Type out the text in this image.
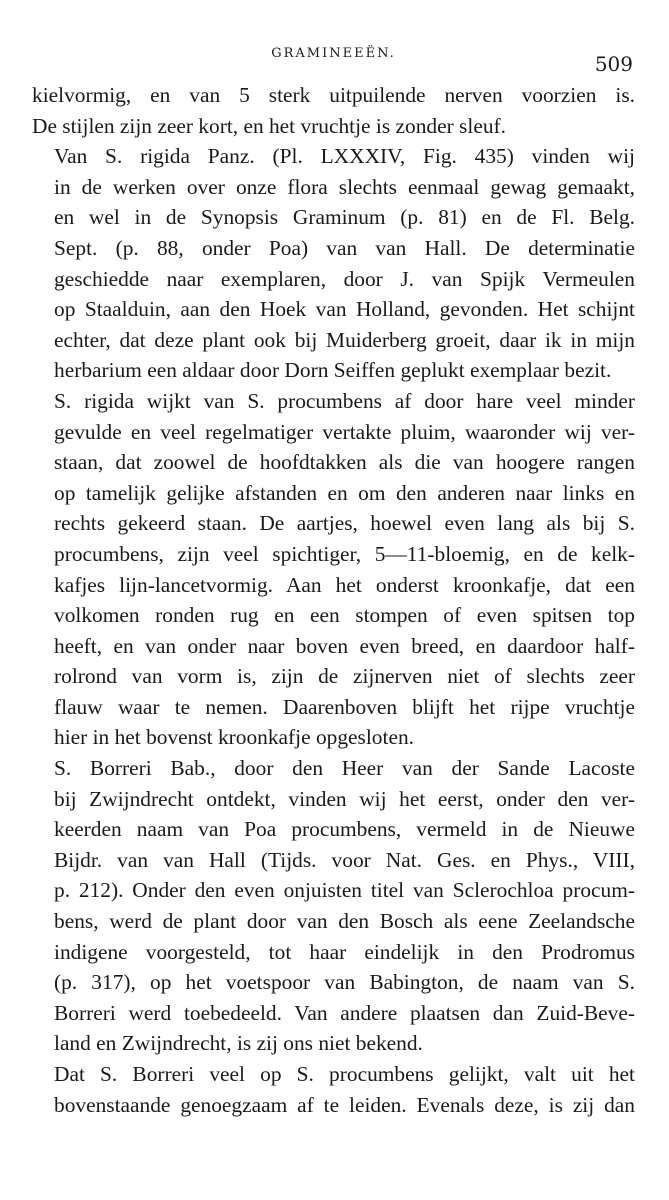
GRAMINEEËN.	509

kielvormig, en van 5 sterk uitpuilende nerven voorzien is.
De stijlen zijn zeer kort, en het vruchtje is zonder sleuf.

Van S. rigida Panz. (Pl. LXXXIV, Fig. 435) vinden wij
in de werken over onze flora slechts eenmaal gewag gemaakt,
en wel in de Synopsis Graminum (p. 81) en de Fl. Belg.
Sept. (p. 88, onder Poa) van van Hall. De determinatie
geschiedde naar exemplaren, door J. van Spijk Vermeulen
op Staalduin, aan den Hoek van Holland, gevonden. Het schijnt
echter, dat deze plant ook bij Muiderberg groeit, daar ik in mijn
herbarium een aldaar door Dorn Seiffen geplukt exemplaar bezit.

S. rigida wijkt van S. procumbens af door hare veel minder
gevulde en veel regelmatiger vertakte pluim, waaronder wij ver-
staan, dat zoowel de hoofdtakken als die van hoogere rangen
op tamelijk gelijke afstanden en om den anderen naar links en
rechts gekeerd staan. De aartjes, hoewel even lang als bij S.
procumbens, zijn veel spichtiger, 5—11-bloemig, en de kelk-
kafjes lijn-lancetvormig. Aan het onderst kroonkafje, dat een
volkomen ronden rug en een stompen of even spitsen top
heeft, en van onder naar boven even breed, en daardoor half-
rolrond van vorm is, zijn de zijnerven niet of slechts zeer
flauw waar te nemen. Daarenboven blijft het rijpe vruchtje
hier in het bovenst kroonkafje opgesloten.

S. Borreri Bab., door den Heer van der Sande Lacoste
bij Zwijndrecht ontdekt, vinden wij het eerst, onder den ver-
keerden naam van Poa procumbens, vermeld in de Nieuwe
Bijdr. van van Hall (Tijds. voor Nat. Ges. en Phys., VIII,
p. 212). Onder den even onjuisten titel van Sclerochloa procum-
bens, werd de plant door van den Bosch als eene Zeelandsche
indigene voorgesteld, tot haar eindelijk in den Prodromus
(p. 317), op het voetspoor van Babington, de naam van S.
Borreri werd toebedeeld. Van andere plaatsen dan Zuid-Beve-
land en Zwijndrecht, is zij ons niet bekend.

Dat S. Borreri veel op S. procumbens gelijkt, valt uit het
bovenstaande genoegzaam af te leiden. Evenals deze, is zij dan
